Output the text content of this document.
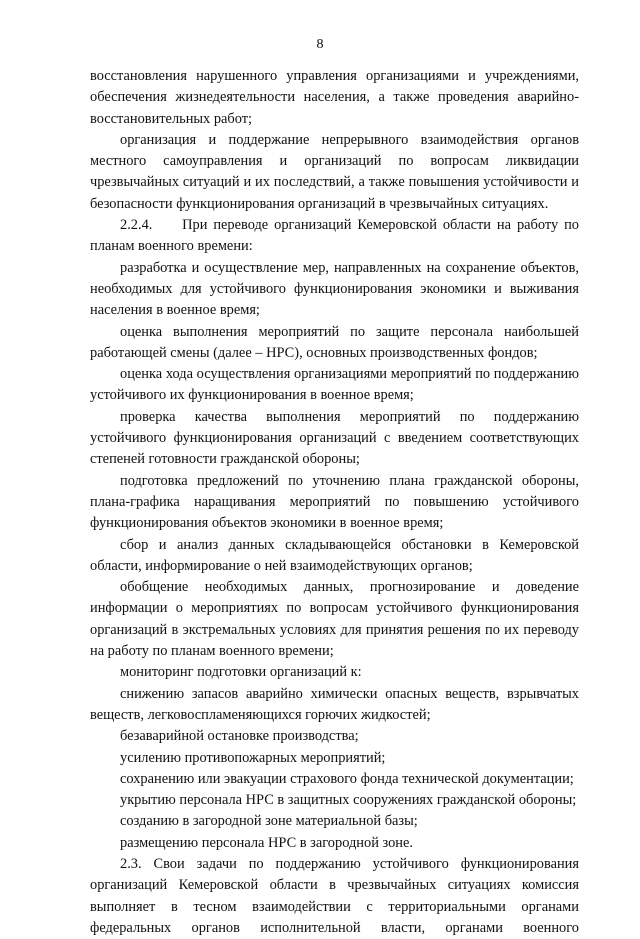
8

восстановления нарушенного управления организациями и учреждениями, обеспечения жизнедеятельности населения, а также проведения аварийно-восстановительных работ;

организация и поддержание непрерывного взаимодействия органов местного самоуправления и организаций по вопросам ликвидации чрезвычайных ситуаций и их последствий, а также повышения устойчивости и безопасности функционирования организаций в чрезвычайных ситуациях.

2.2.4.     При переводе организаций Кемеровской области на работу по планам военного времени:

разработка и осуществление мер, направленных на сохранение объектов, необходимых для устойчивого функционирования экономики и выживания населения в военное время;

оценка выполнения мероприятий по защите персонала наибольшей работающей смены (далее – НРС), основных производственных фондов;

оценка хода осуществления организациями мероприятий по поддержанию устойчивого их функционирования в военное время;

проверка качества выполнения мероприятий по поддержанию устойчивого функционирования организаций с введением соответствующих степеней готовности гражданской обороны;

подготовка предложений по уточнению плана гражданской обороны, плана-графика наращивания мероприятий по повышению устойчивого функционирования объектов экономики в военное время;

сбор и анализ данных складывающейся обстановки в Кемеровской области, информирование о ней взаимодействующих органов;

обобщение необходимых данных, прогнозирование и доведение информации о мероприятиях по вопросам устойчивого функционирования организаций в экстремальных условиях для принятия решения по их переводу на работу по планам военного времени;

мониторинг подготовки организаций к:

снижению запасов аварийно химически опасных веществ, взрывчатых веществ, легковоспламеняющихся горючих жидкостей;

безаварийной остановке производства;

усилению противопожарных мероприятий;

сохранению или эвакуации страхового фонда технической документации;

укрытию персонала НРС в защитных сооружениях гражданской обороны;

созданию в загородной зоне материальной базы;

размещению персонала НРС в загородной зоне.

2.3. Свои задачи по поддержанию устойчивого функционирования организаций Кемеровской области в чрезвычайных ситуациях комиссия выполняет в тесном взаимодействии с территориальными органами федеральных органов исполнительной власти, органами военного
